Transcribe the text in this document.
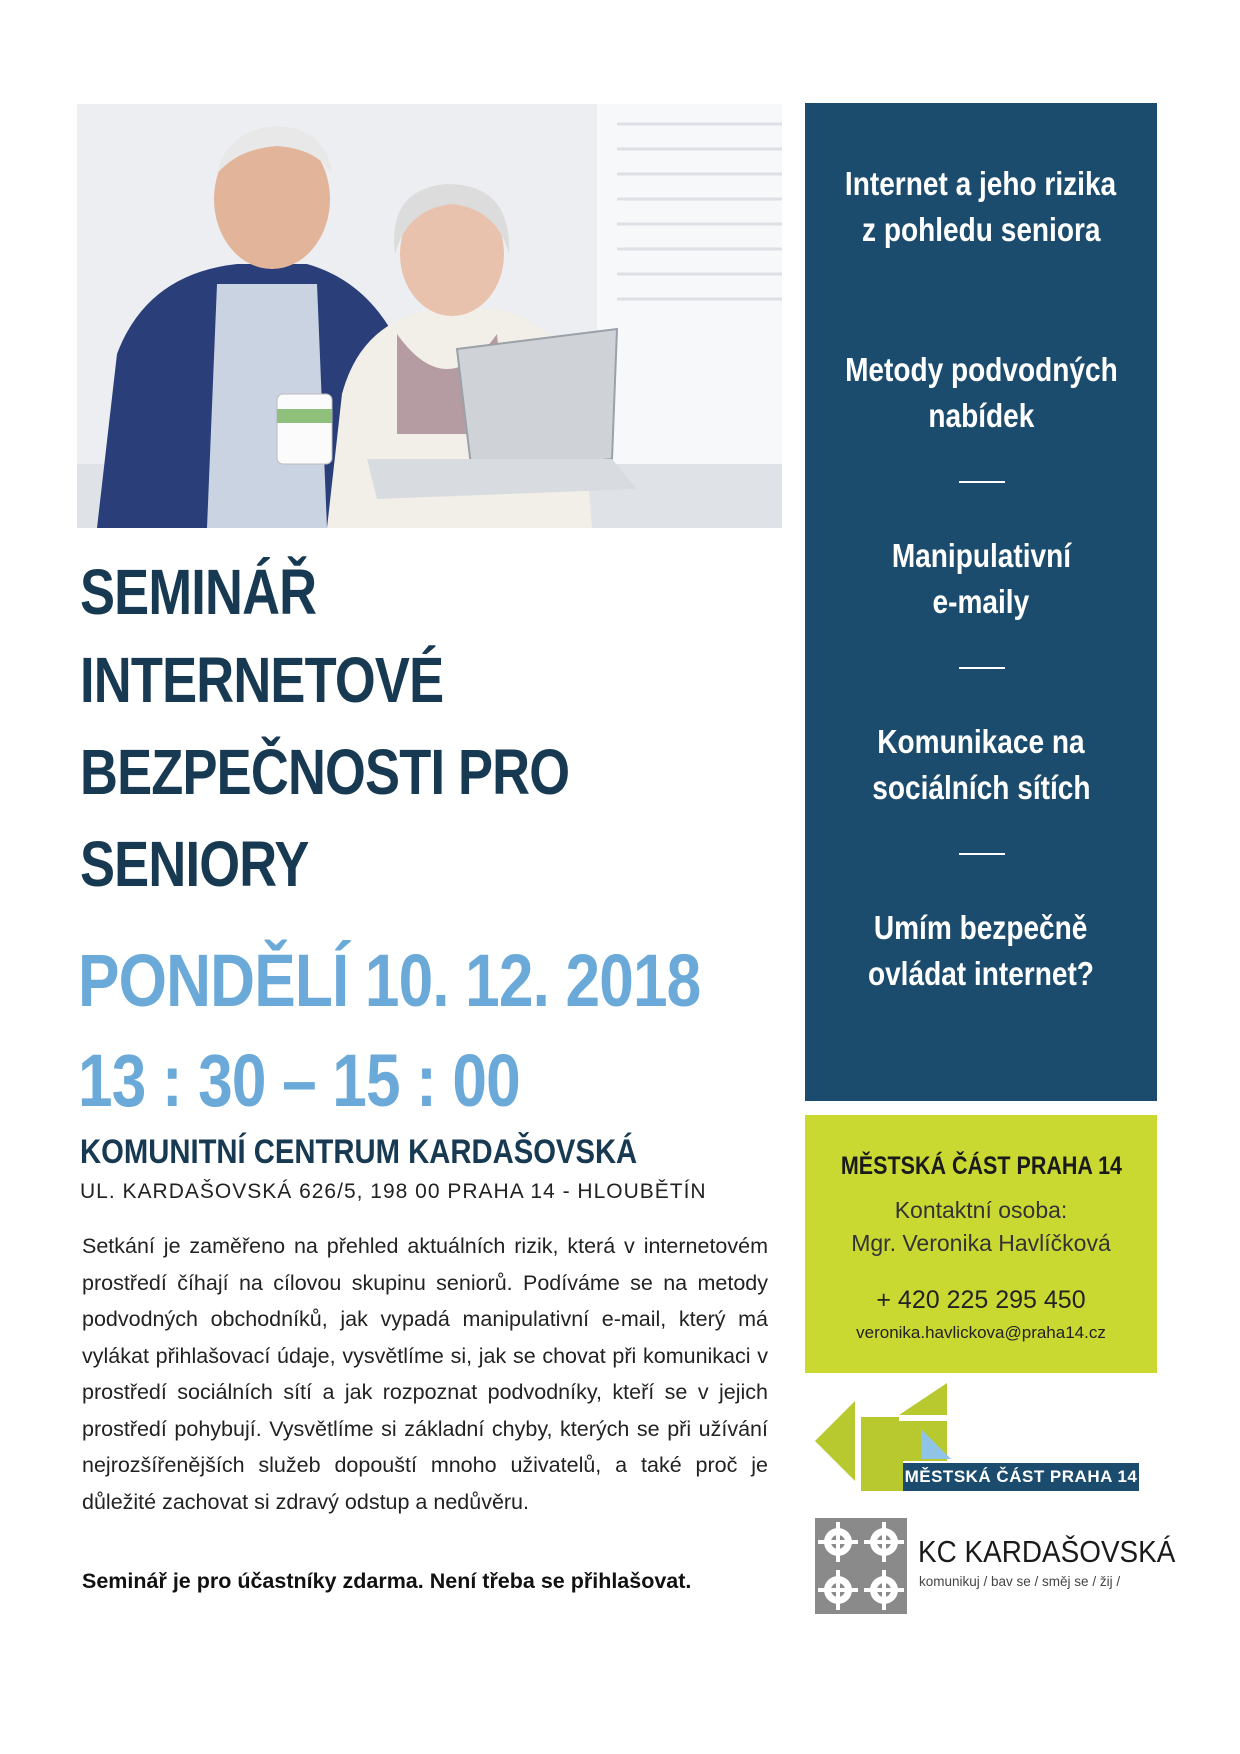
SEMINÁŘ
INTERNETOVÉ
BEZPEČNOSTI PRO
SENIORY
PONDĚLÍ 10. 12. 2018
13 : 30 – 15 : 00
KOMUNITNÍ CENTRUM KARDAŠOVSKÁ
UL. KARDAŠOVSKÁ 626/5, 198 00 PRAHA 14 - HLOUBĚTÍN
Setkání je zaměřeno na přehled aktuálních rizik, která v internetovém prostředí číhají na cílovou skupinu seniorů. Podíváme se na metody podvodných obchodníků, jak vypadá manipulativní e-mail, který má vylákat přihlašovací údaje, vysvětlíme si, jak se chovat při komunikaci v prostředí sociálních sítí a jak rozpoznat podvodníky, kteří se v jejich prostředí pohybují. Vysvětlíme si základní chyby, kterých se při užívání nejrozšířenějších služeb dopouští mnoho uživatelů, a také proč je důležité zachovat si zdravý odstup a nedůvěru.
Seminář je pro účastníky zdarma. Není třeba se přihlašovat.
Internet a jeho rizika
z pohledu seniora
Metody podvodných
nabídek
Manipulativní
e-maily
Komunikace na
sociálních sítích
Umím bezpečně
ovládat internet?
MĚSTSKÁ ČÁST PRAHA 14
Kontaktní osoba:
Mgr. Veronika Havlíčková
+ 420 225 295 450
veronika.havlickova@praha14.cz
MĚSTSKÁ ČÁST PRAHA 14
KC KARDAŠOVSKÁ
komunikuj / bav se / směj se / žij /
